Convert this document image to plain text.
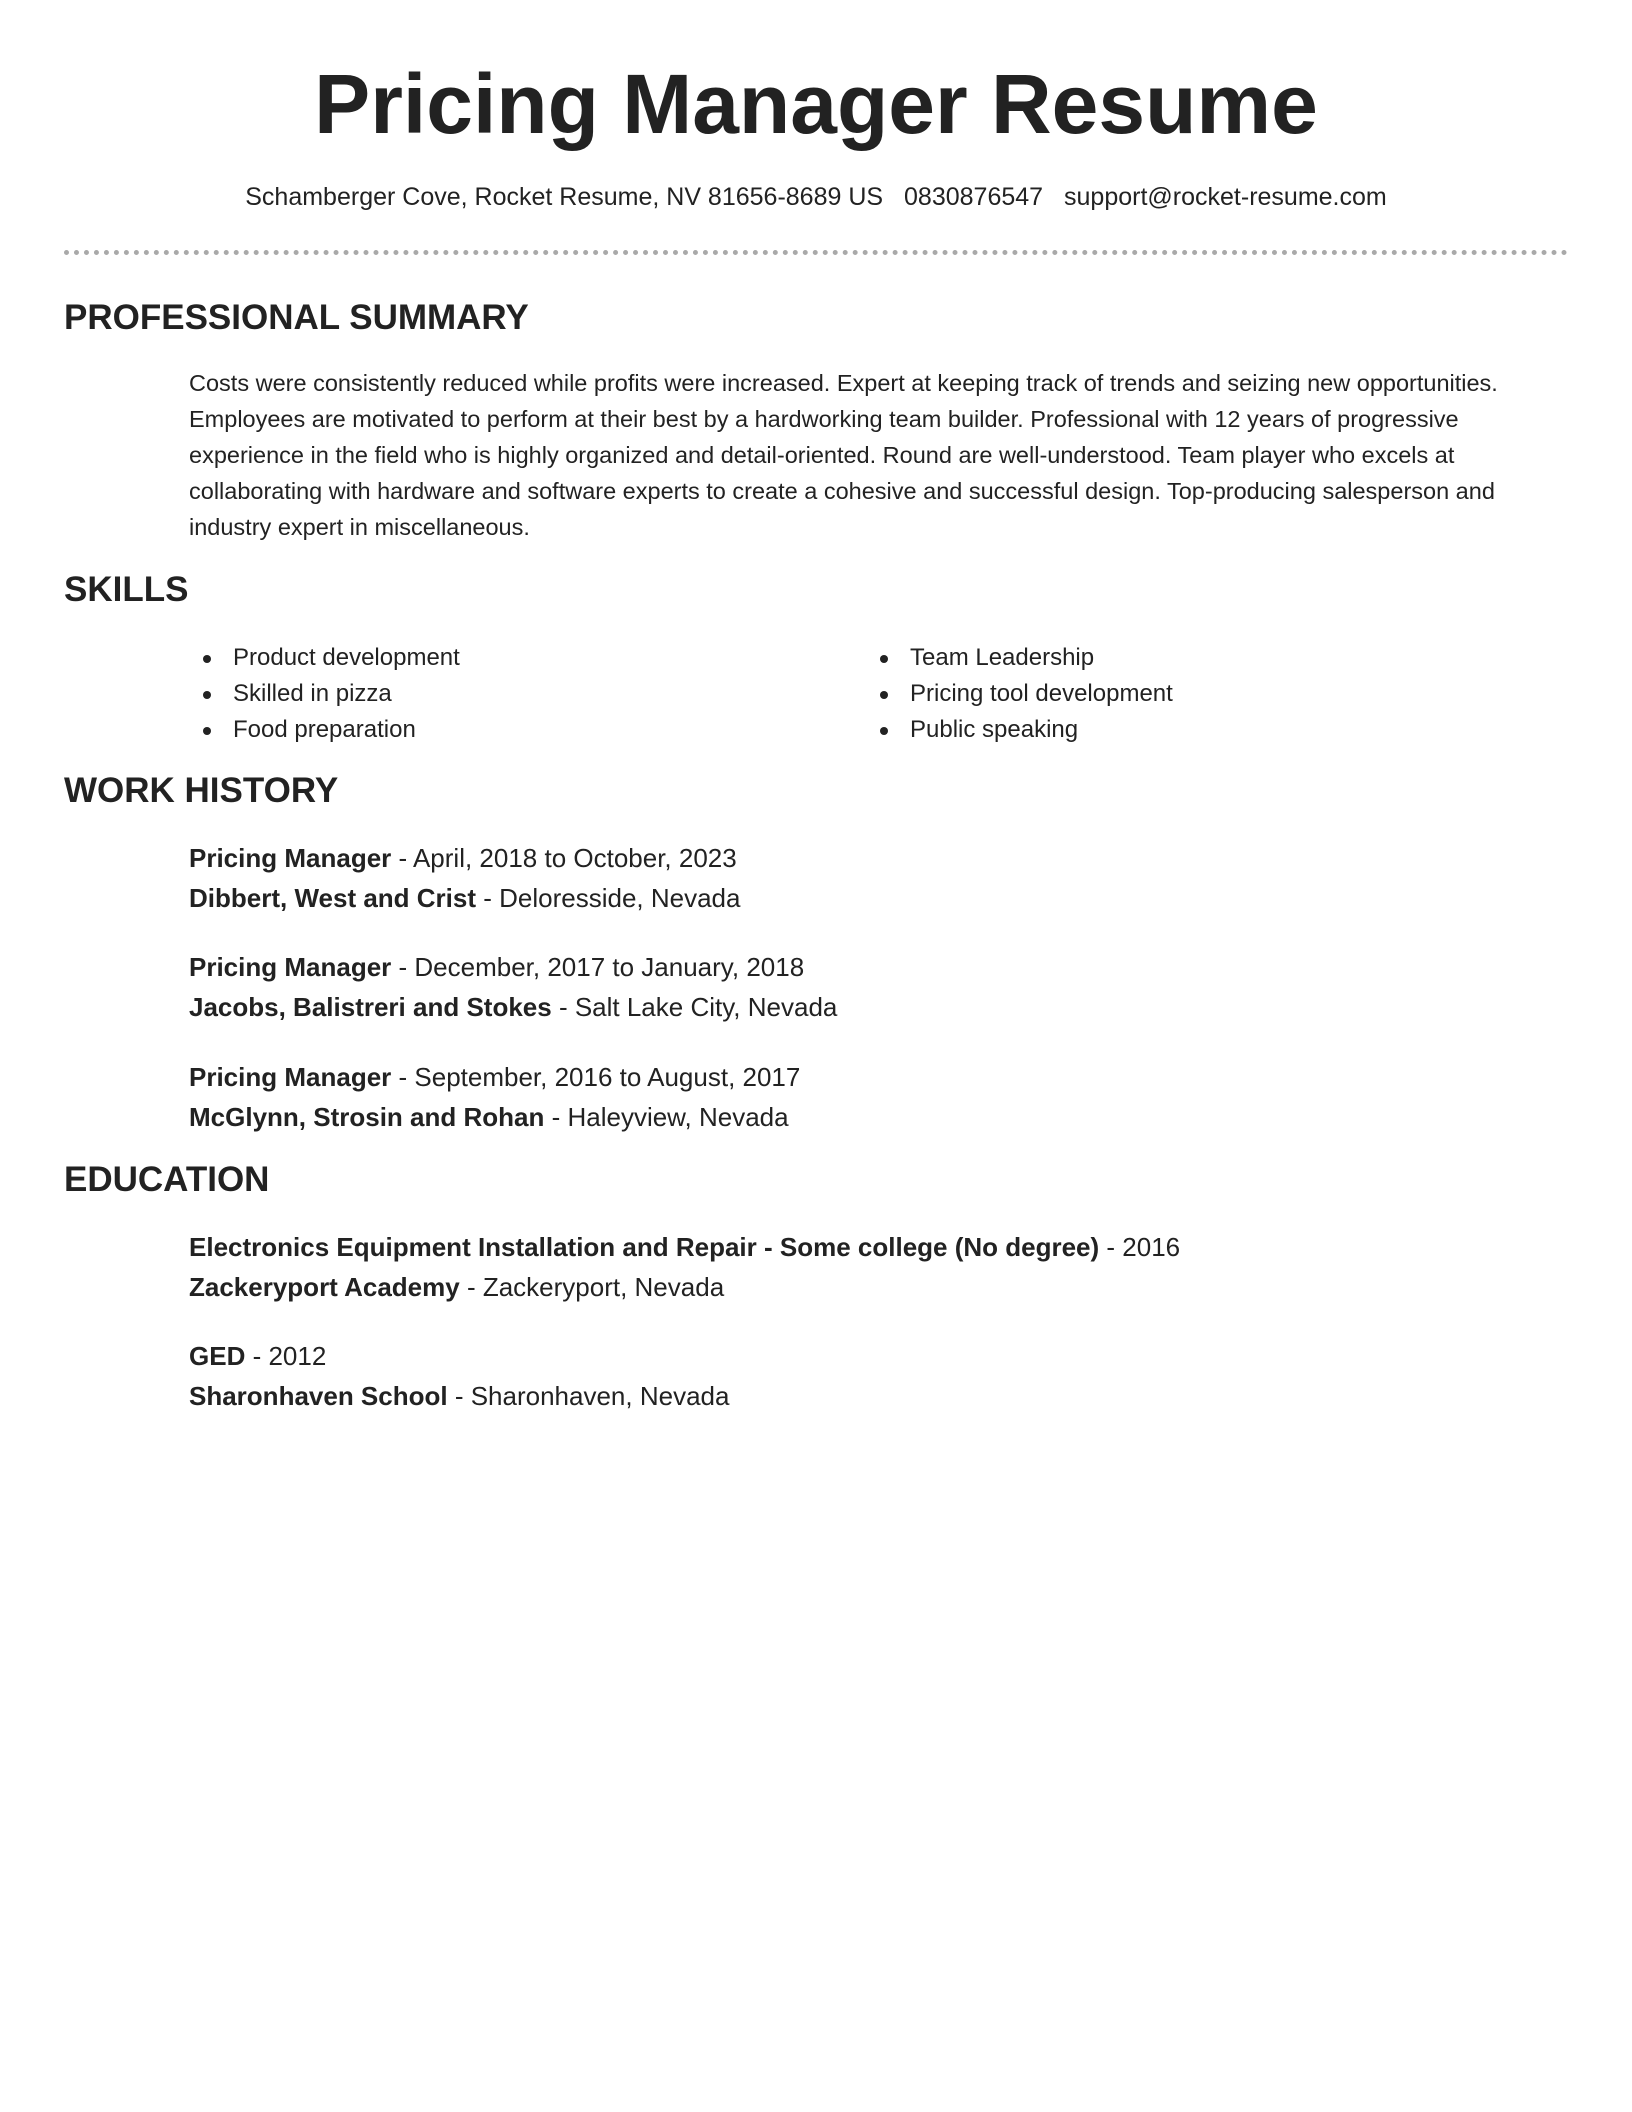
Pricing Manager Resume
Schamberger Cove, Rocket Resume, NV 81656-8689 US 0830876547 support@rocket-resume.com
PROFESSIONAL SUMMARY

Costs were consistently reduced while profits were increased. Expert at keeping track of trends and seizing new opportunities. Employees are motivated to perform at their best by a hardworking team builder. Professional with 12 years of progressive experience in the field who is highly organized and detail-oriented. Round are well-understood. Team player who excels at collaborating with hardware and software experts to create a cohesive and successful design. Top-producing salesperson and industry expert in miscellaneous.

SKILLS
Product development
Skilled in pizza
Food preparation
Team Leadership
Pricing tool development
Public speaking
WORK HISTORY
Pricing Manager - April, 2018 to October, 2023
Dibbert, West and Crist - Deloresside, Nevada
Pricing Manager - December, 2017 to January, 2018
Jacobs, Balistreri and Stokes - Salt Lake City, Nevada
Pricing Manager - September, 2016 to August, 2017
McGlynn, Strosin and Rohan - Haleyview, Nevada
EDUCATION
Electronics Equipment Installation and Repair - Some college (No degree) - 2016
Zackeryport Academy - Zackeryport, Nevada
GED - 2012
Sharonhaven School - Sharonhaven, Nevada
